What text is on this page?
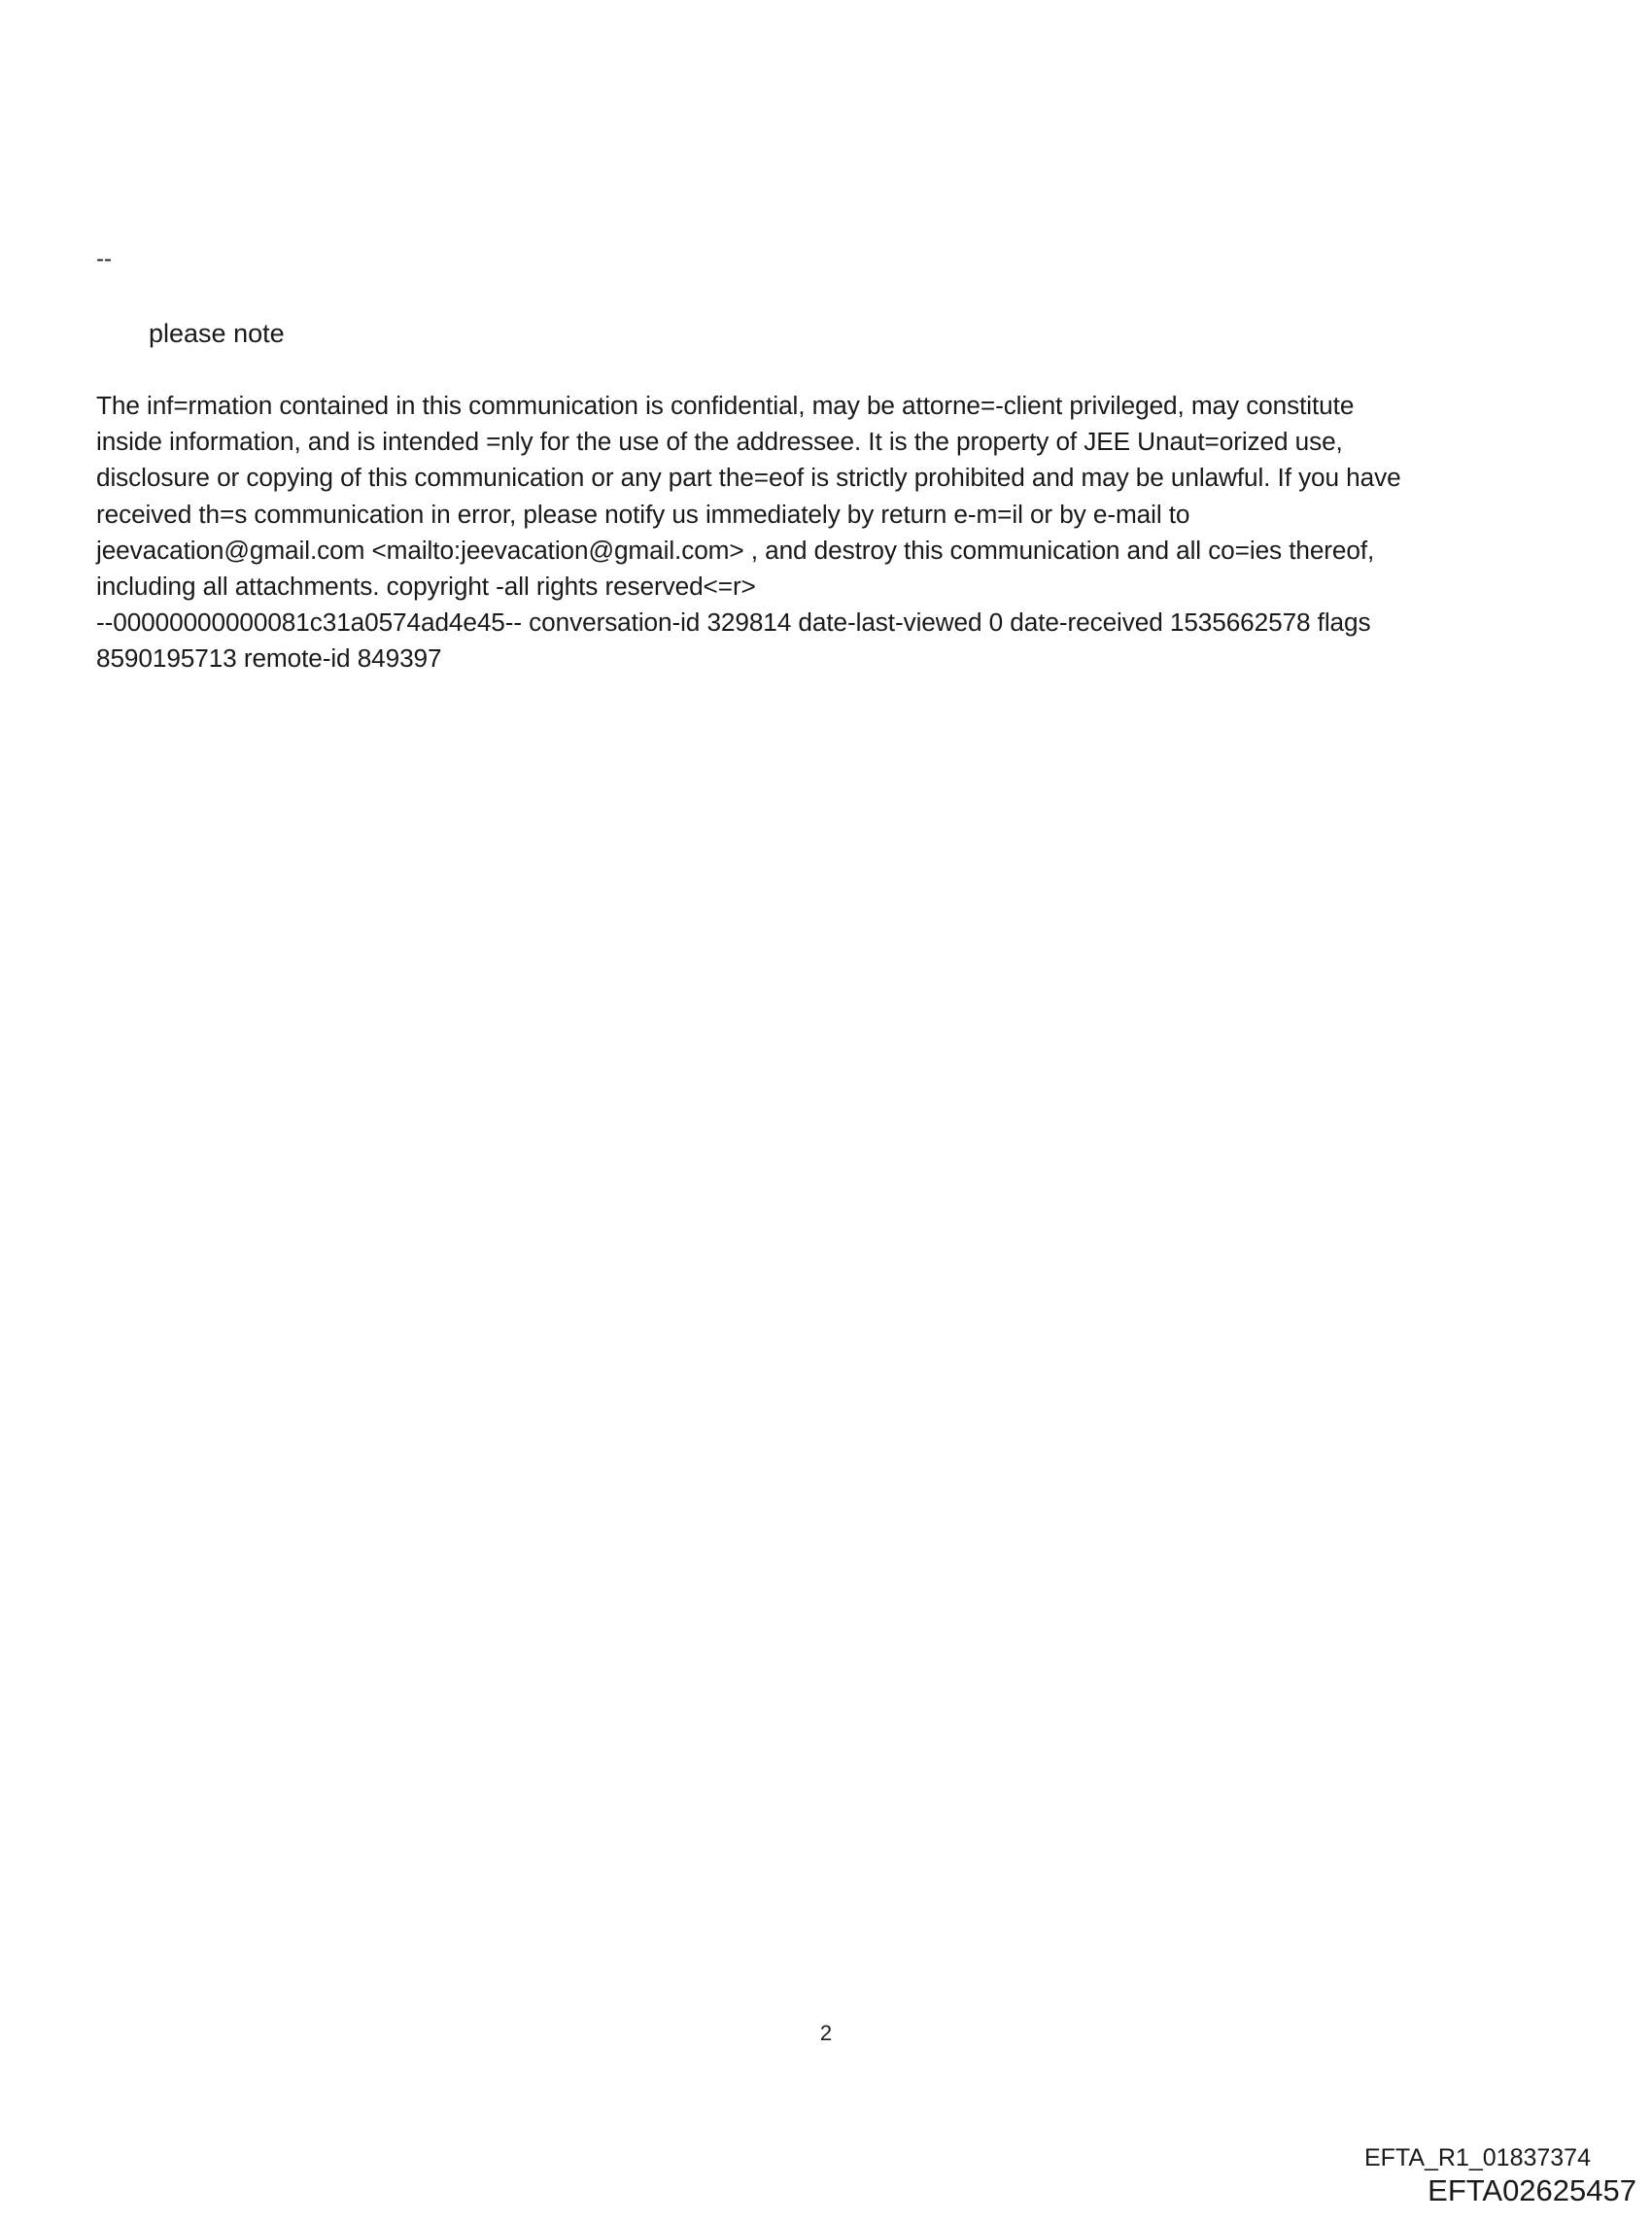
--
please note
The inf=rmation contained in this communication is confidential, may be attorne=-client privileged, may constitute
inside information, and is intended =nly for the use of the addressee. It is the property of JEE Unaut=orized use,
disclosure or copying of this communication or any part the=eof is strictly prohibited and may be unlawful. If you have
received th=s communication in error, please notify us immediately by return e-m=il or by e-mail to
jeevacation@gmail.com <mailto:jeevacation@gmail.com> , and destroy this communication and all co=ies thereof,
including all attachments. copyright -all rights reserved<=r>
--00000000000081c31a0574ad4e45-- conversation-id 329814 date-last-viewed 0 date-received 1535662578 flags
8590195713 remote-id 849397
2
EFTA_R1_01837374
EFTA02625457
